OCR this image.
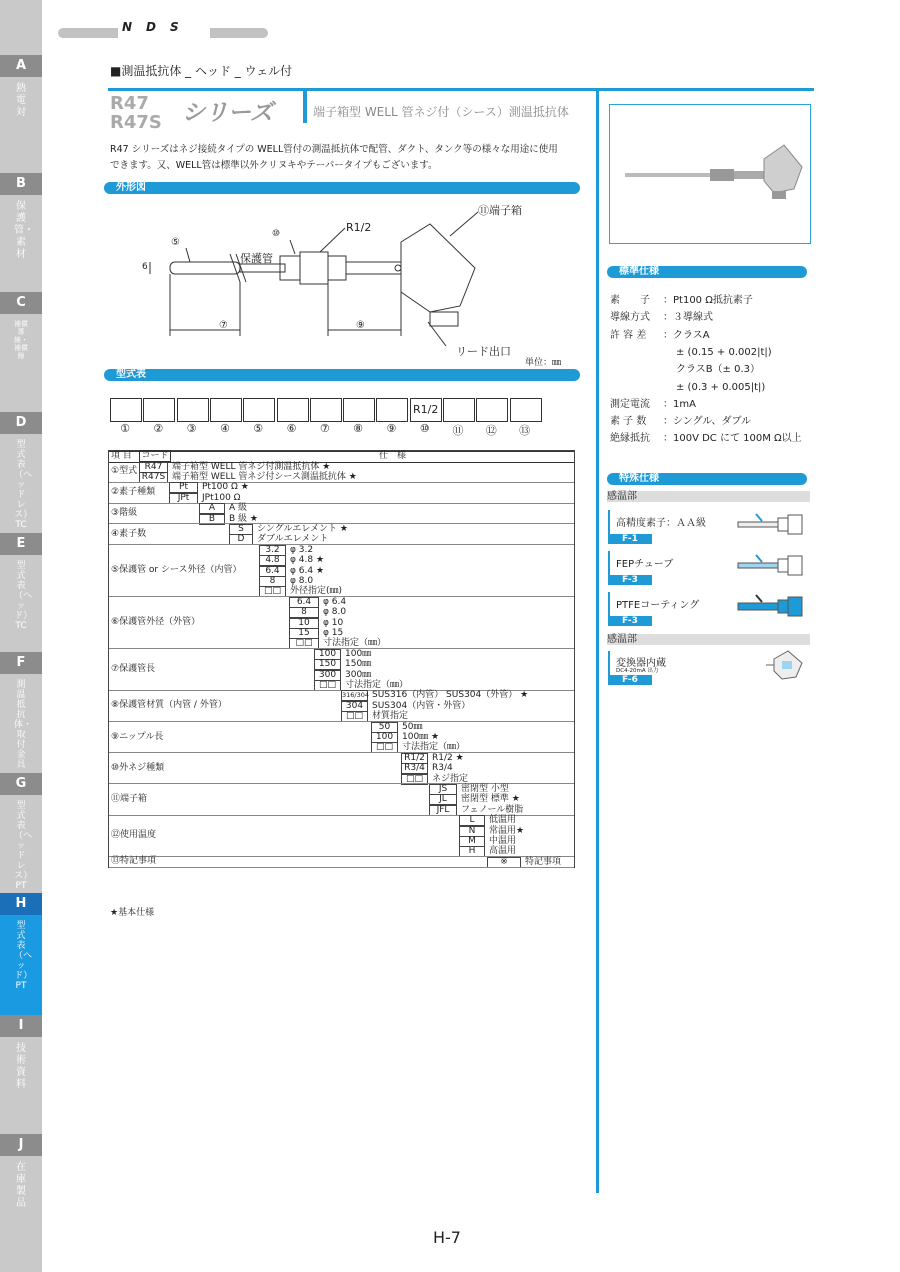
A
熱電対
B
保護管・素材
C
補償導線・補償線
D
型式表（ヘッドレス）TC
E
型式表（ヘッド）TC
F
測温抵抗体・取付金具
G
型式表（ヘッドレス）PT
H
型式表（ヘッド）PT
I
技術資料
J
在庫製品
NDS
■測温抵抗体 _ ヘッド _ ウェル付
R47
R47S シリーズ	端子箱型 WELL 管ネジ付（シース）測温抵抗体
R47 シリーズはネジ接続タイプの WELL管付の測温抵抗体で配管、ダクト、タンク等の様々な用途に使用
できます。又、WELL管は標準以外クリヌキやテーパータイプもございます。
外形図
⑪端子箱
R1/2
⑩
⑤
6
保護管
⑦	⑨
リード出口
単位：㎜
型式表
①	②	③	④	⑤	⑥	⑦	⑧	⑨
R1/2
⑩	⑪	⑫	⑬
項 目 コード	仕　様
R47	端子箱型 WELL 管ネジ付測温抵抗体 ★
R47S 端子箱型 WELL 管ネジ付シース測温抵抗体 ★
①型式
Pt	Pt100 Ω ★
JPt	JPt100 Ω
②素子種類
A	A 級
B	B 級 ★
③階級
S	シングルエレメント ★
D	ダブルエレメント
④素子数
3.2	φ 3.2
4.8	φ 4.8 ★
6.4	φ 6.4 ★
8	φ 8.0
□□	外径指定(㎜)
⑤保護管 or シース外径（内管）
6.4	φ 6.4
8	φ 8.0
10	φ 10
15	φ 15
□□	寸法指定（㎜）
⑥保護管外径（外管）
100 100㎜
150 150㎜
300 300㎜
□□	寸法指定（㎜）
⑦保護管長
316/304 SUS316（内管） SUS304（外管） ★
304 SUS304（内管・外管）
□□	材質指定
⑧保護管材質（内管 / 外管）
50	50㎜
100 100㎜ ★
□□	寸法指定（㎜）
⑨ニップル長
R1/2 R1/2 ★
R3/4 R3/4
□□	ネジ指定
⑩外ネジ種類
JS	密閉型 小型
JL	密閉型 標準 ★
JFL	フェノール樹脂
⑪端子箱
L	低温用
N	常温用★
M	中温用
H	高温用
⑫使用温度
※	特記事項
⑬特記事項
★基本仕様
標準仕様
素　　子 ：Pt100 Ω抵抗素子
導線方式 ：３導線式
許 容 差 ：クラスA
± (0.15 + 0.002|t|)
クラスB（± 0.3）
± (0.3 + 0.005|t|)
測定電流 ：1mA
素 子 数 ：シングル、ダブル
絶縁抵抗 ：100V DC にて 100M Ω以上
特殊仕様
感温部
感温部
高精度素子：ＡＡ級
F-1
FEPチューブ
F-3
PTFEコーティング
F-3
変換器内蔵
DC4-20mA 出力
F-6
H-7
